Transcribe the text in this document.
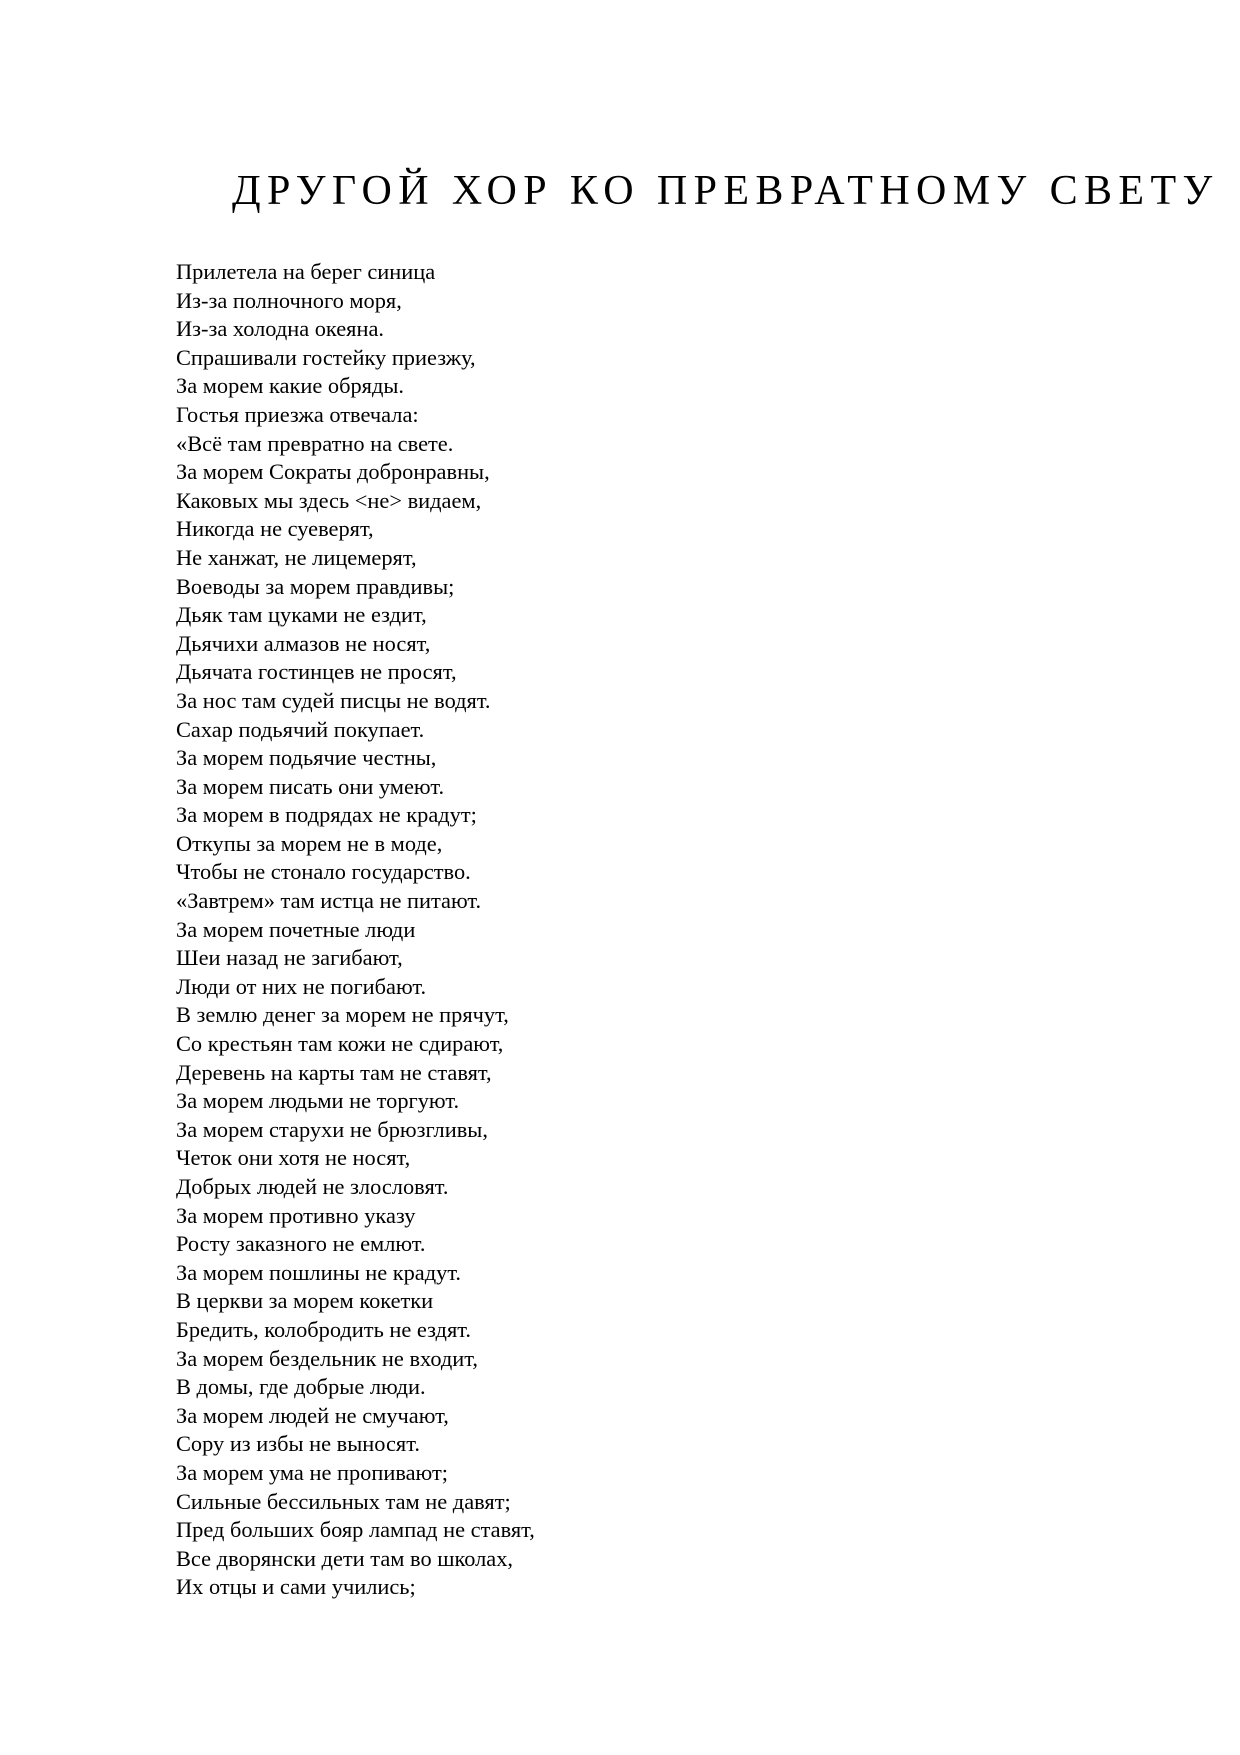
ДРУГОЙ ХОР КО ПРЕВРАТНОМУ СВЕТУ
Прилетела на берег синица
Из-за полночного моря,
Из-за холодна океяна.
Спрашивали гостейку приезжу,
За морем какие обряды.
Гостья приезжа отвечала:
«Всё там превратно на свете.
За морем Сократы добронравны,
Каковых мы здесь <не> видаем,
Никогда не суеверят,
Не ханжат, не лицемерят,
Воеводы за морем правдивы;
Дьяк там цуками не ездит,
Дьячихи алмазов не носят,
Дьячата гостинцев не просят,
За нос там судей писцы не водят.
Сахар подьячий покупает.
За морем подьячие честны,
За морем писать они умеют.
За морем в подрядах не крадут;
Откупы за морем не в моде,
Чтобы не стонало государство.
«Завтрем» там истца не питают.
За морем почетные люди
Шеи назад не загибают,
Люди от них не погибают.
В землю денег за морем не прячут,
Со крестьян там кожи не сдирают,
Деревень на карты там не ставят,
За морем людьми не торгуют.
За морем старухи не брюзгливы,
Четок они хотя не носят,
Добрых людей не злословят.
За морем противно указу
Росту заказного не емлют.
За морем пошлины не крадут.
В церкви за морем кокетки
Бредить, колобродить не ездят.
За морем бездельник не входит,
В домы, где добрые люди.
За морем людей не смучают,
Сору из избы не выносят.
За морем ума не пропивают;
Сильные бессильных там не давят;
Пред больших бояр лампад не ставят,
Все дворянски дети там во школах,
Их отцы и сами учились;
